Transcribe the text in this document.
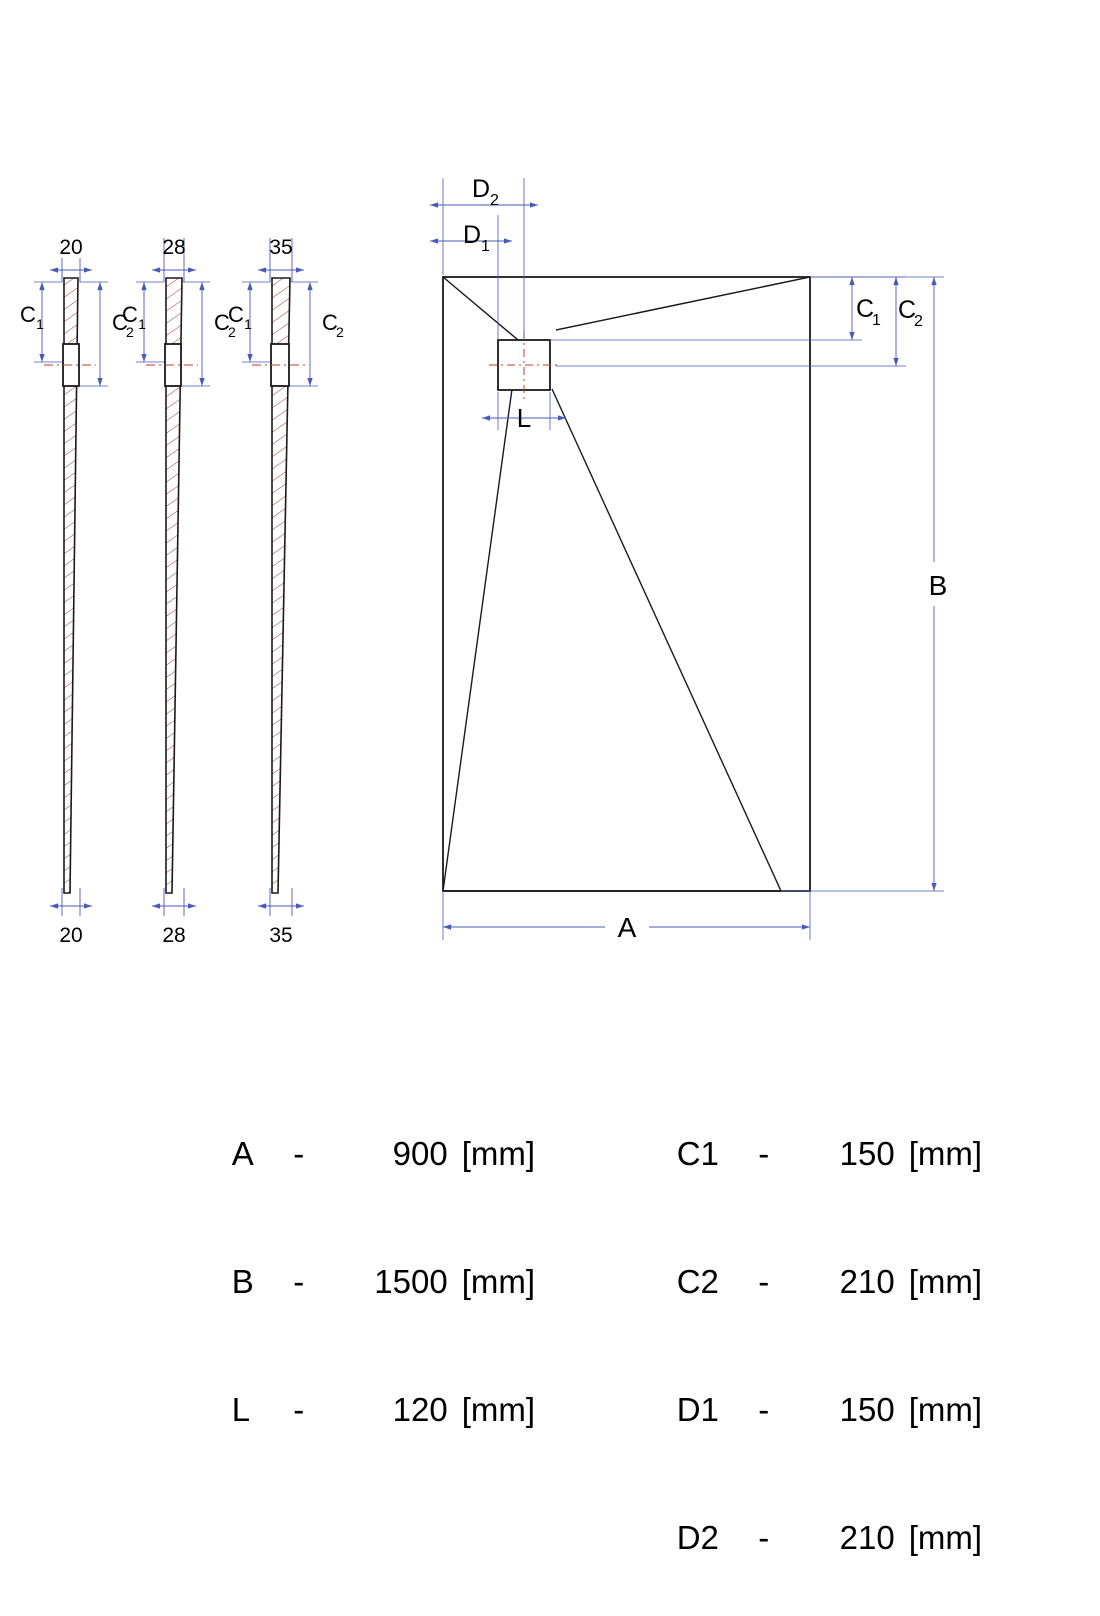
20
20
C 1	C
2
28
28
C 1	C
2
35
35
C 1	C
2
L
D 1
D 2
C
1 C
2
B
A

A -	900 [mm]

B - 1500 [mm]

L -	120 [mm]

C1 - 150 [mm]

C2 - 210 [mm]

D1 - 150 [mm]

D2 - 210 [mm]
